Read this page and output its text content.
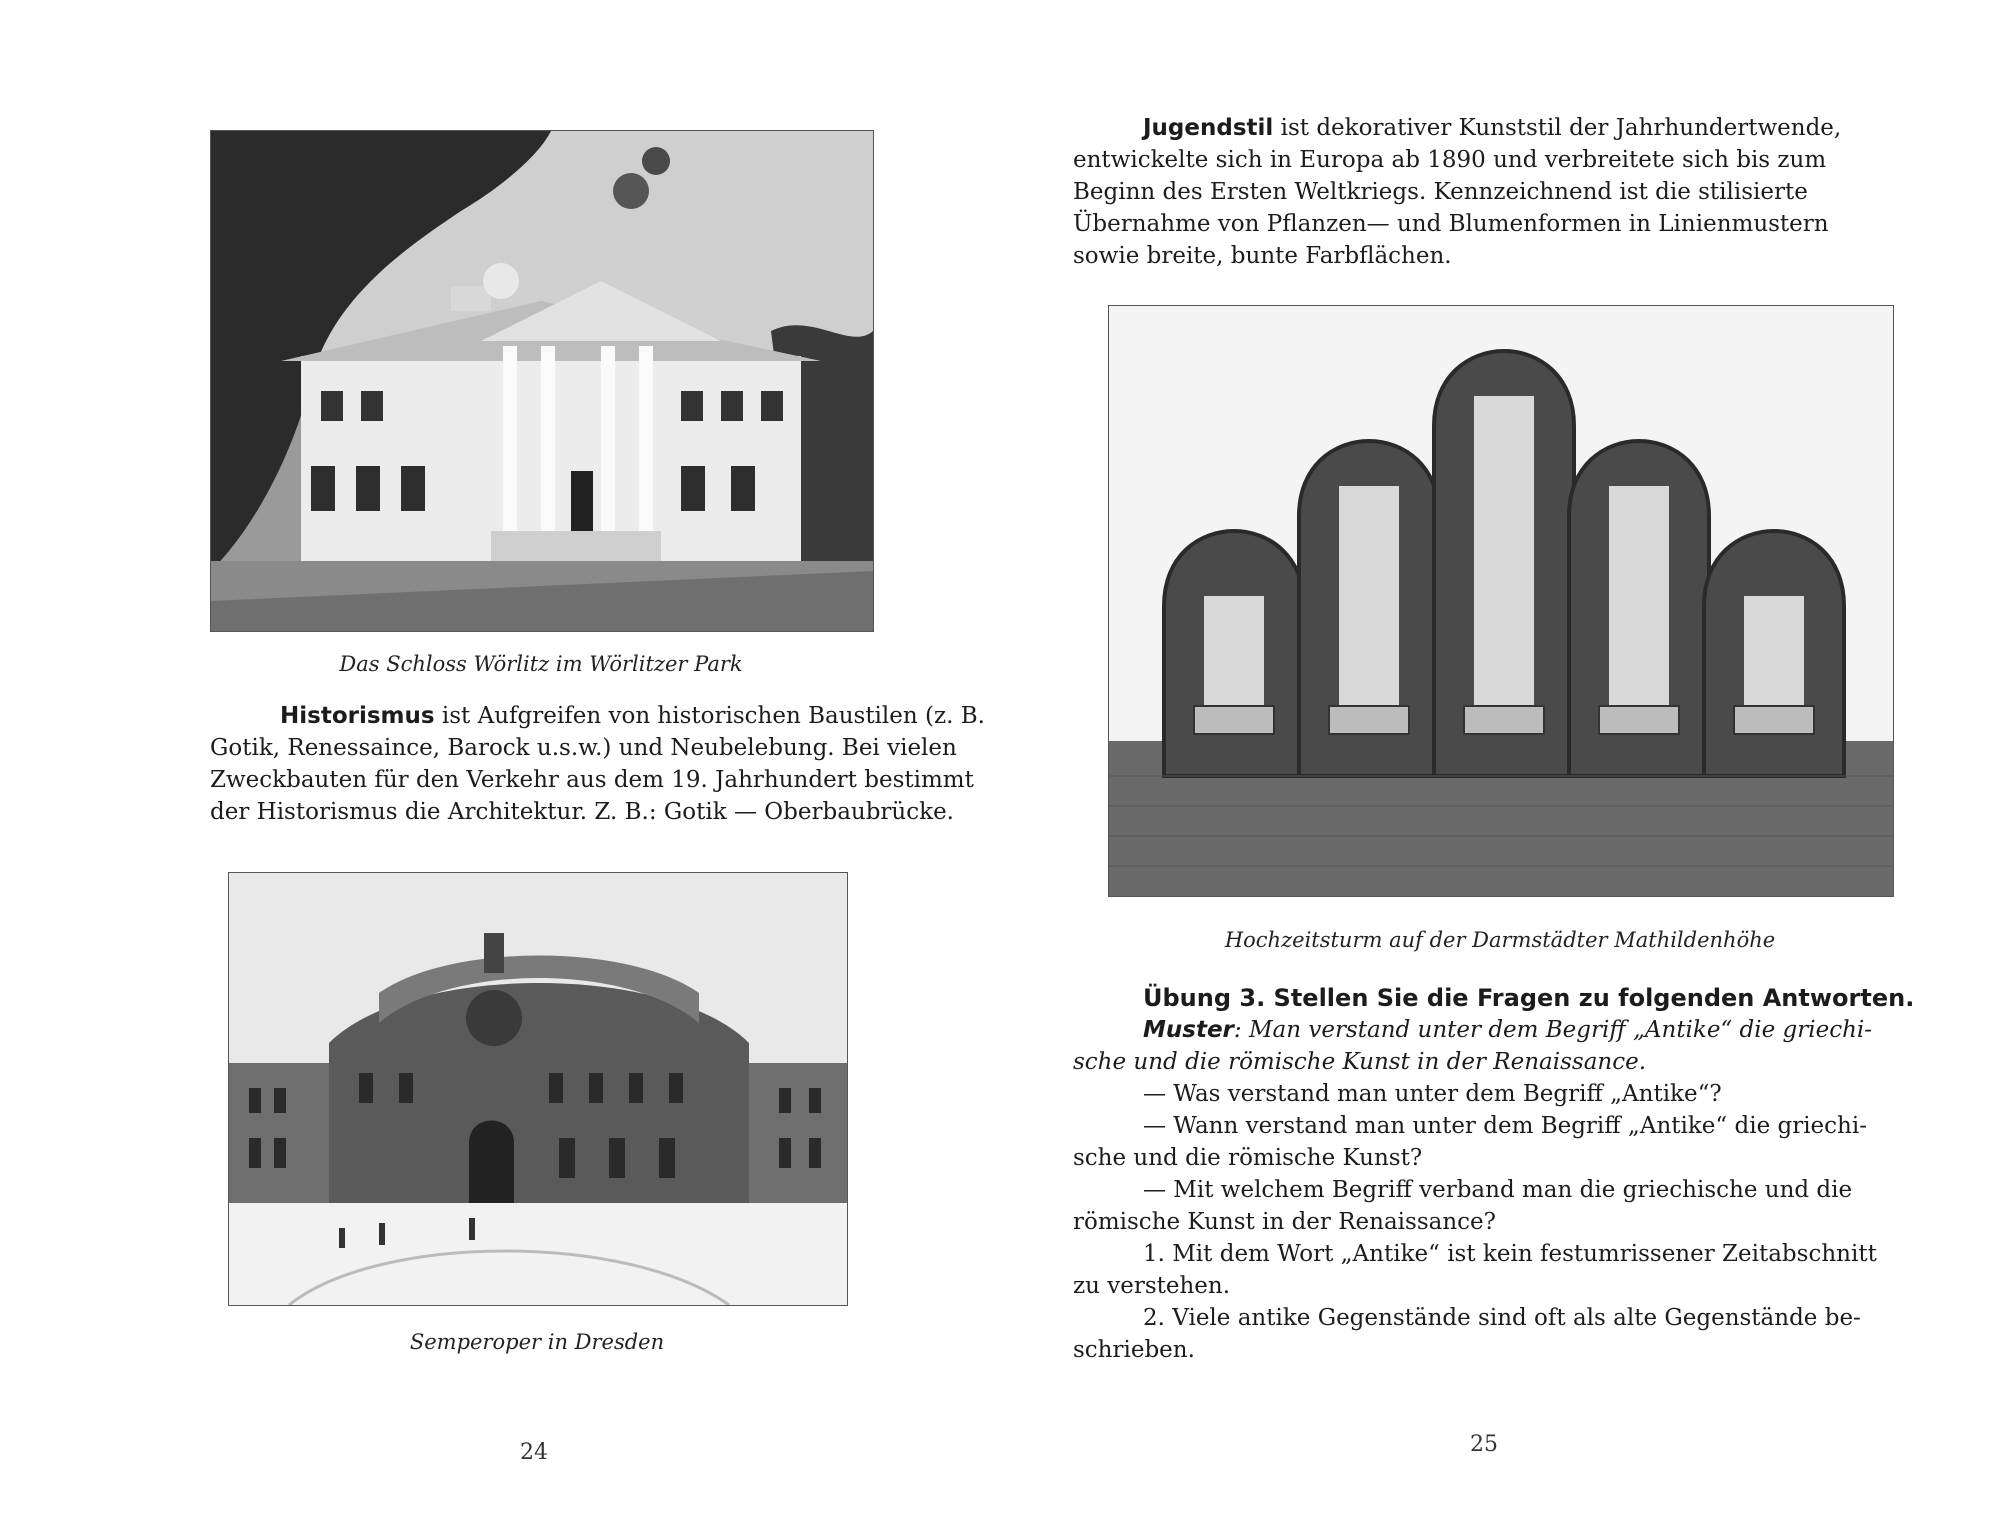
Das Schloss Wörlitz im Wörlitzer Park
Historismus ist Aufgreifen von historischen Baustilen (z. B.
Gotik, Renessaince, Barock u.s.w.) und Neubelebung. Bei vielen
Zweckbauten für den Verkehr aus dem 19. Jahrhundert bestimmt
der Historismus die Architektur. Z. B.: Gotik — Oberbaubrücke.
Semperoper in Dresden
24
Jugendstil ist dekorativer Kunststil der Jahrhundertwende,
entwickelte sich in Europa ab 1890 und verbreitete sich bis zum
Beginn des Ersten Weltkriegs. Kennzeichnend ist die stilisierte
Übernahme von Pflanzen— und Blumenformen in Linienmustern
sowie breite, bunte Farbflächen.
Hochzeitsturm auf der Darmstädter Mathildenhöhe
Übung 3. Stellen Sie die Fragen zu folgenden Antworten.
Muster: Man verstand unter dem Begriff „Antike“ die griechi-
sche und die römische Kunst in der Renaissance.
— Was verstand man unter dem Begriff „Antike“?
— Wann verstand man unter dem Begriff „Antike“ die griechi-
sche und die römische Kunst?
— Mit welchem Begriff verband man die griechische und die
römische Kunst in der Renaissance?
1. Mit dem Wort „Antike“ ist kein festumrissener Zeitabschnitt
zu verstehen.
2. Viele antike Gegenstände sind oft als alte Gegenstände be-
schrieben.
25
